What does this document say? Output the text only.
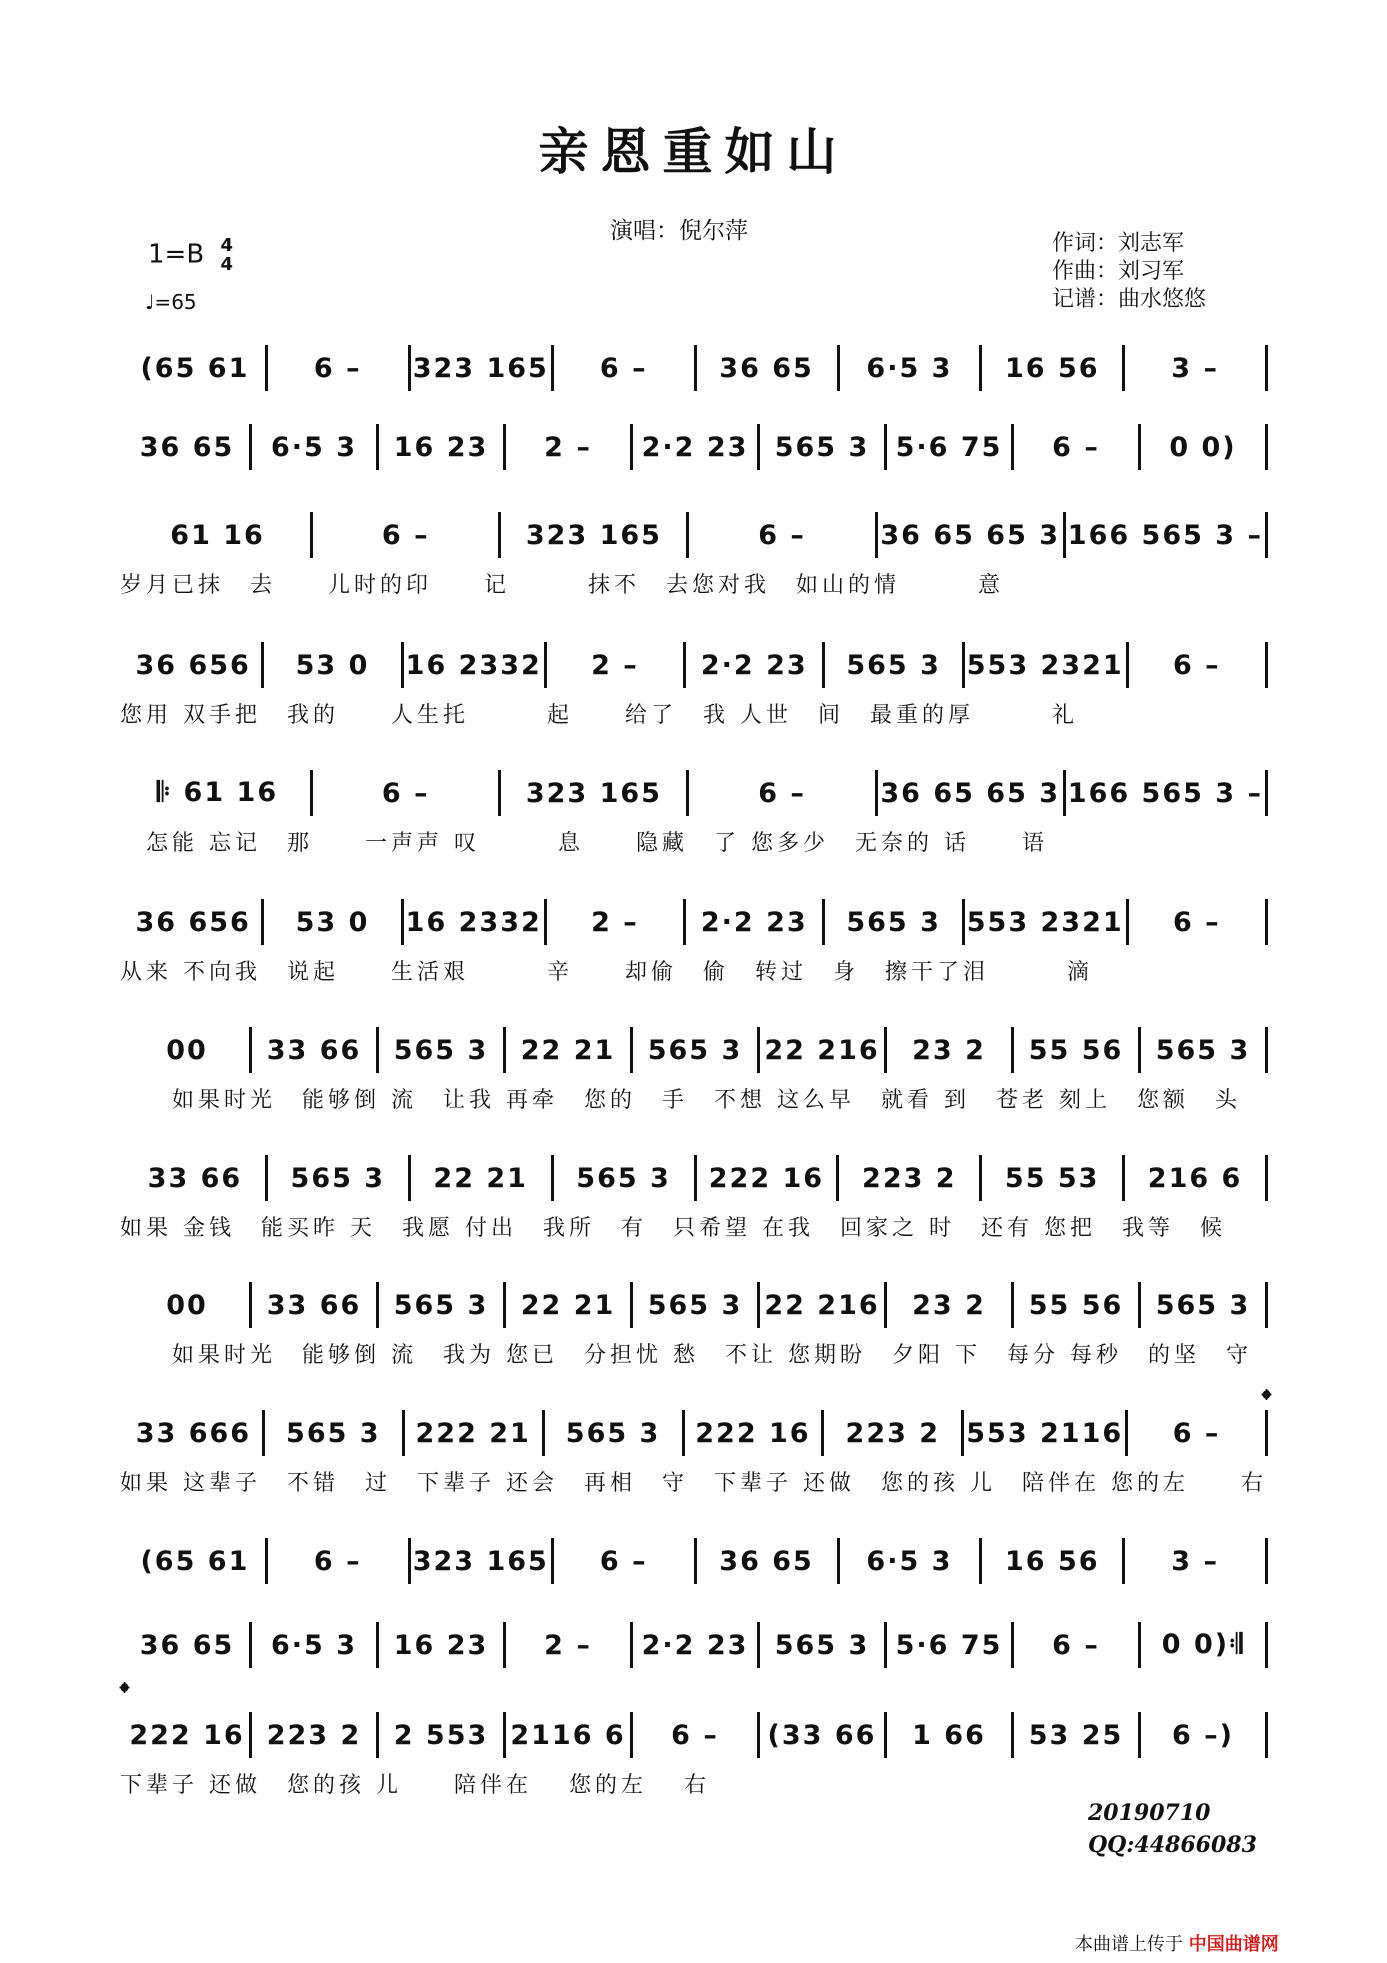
亲恩重如山
演唱：倪尔萍	作词：刘志军
作曲：刘习军
记谱：曲水悠悠
1=B 4
4
♩=65
(65 61	6 –	323 165	6 –	36 65	6·5 3	16 56	3 –
36 65	6·5 3	16 23	2 –	2·2 23 565 3 5·6 75	6 –	0 0)
61 16	6 –	323 165	6 –	36 65 65 3 166 565 3 –
岁月已抹　去　　儿时的印　　记　　　抹不　去您对我　如山的情　　　意
36 656	53 0	16 2332	2 –	2·2 23	565 3 553 2321	6 –
您用 双手把　我的　　人生托　　　起　　给了　我 人世　间　最重的厚　　　礼
𝄆 61 16	6 –	323 165	6 –	36 65 65 3 166 565 3 –
　怎能 忘记　那　　一声声 叹　　　息　　隐藏　了 您多少　无奈的 话　　语
36 656	53 0	16 2332	2 –	2·2 23	565 3 553 2321	6 –
从来 不向我　说起　　生活艰　　　辛　　却偷　偷　转过　身　擦干了泪　　　滴
00	33 66	565 3	22 21	565 3 22 216	23 2	55 56	565 3
　　如果时光　能够倒 流　让我 再牵　您的　手　不想 这么早　就看 到　苍老 刻上　您额　头
33 66	565 3	22 21	565 3	222 16	223 2	55 53	216 6
如果 金钱　能买昨 天　我愿 付出　我所　有　只希望 在我　回家之 时　还有 您把　我等　候
00	33 66	565 3	22 21	565 3 22 216	23 2	55 56	565 3
　　如果时光　能够倒 流　我为 您已　分担忧 愁　不让 您期盼　夕阳 下　每分 每秒　的坚　守
33 666	565 3	222 21	565 3	222 16	223 2 553 2116	6 –
如果 这辈子　不错　过　下辈子 还会　再相　守　下辈子 还做　您的孩 儿　陪伴在 您的左　　右
(65 61	6 –	323 165	6 –	36 65	6·5 3	16 56	3 –
36 65	6·5 3	16 23	2 –	2·2 23 565 3 5·6 75	6 –	0 0)𝄇
222 16 223 2	2 553 2116 6	6 –	(33 66	1 66	53 25	6 –)
下辈子 还做　您的孩 儿　　陪伴在　 您的左　 右
𝄌
𝄌
20190710
QQ:44866083
本曲谱上传于 中国曲谱网
